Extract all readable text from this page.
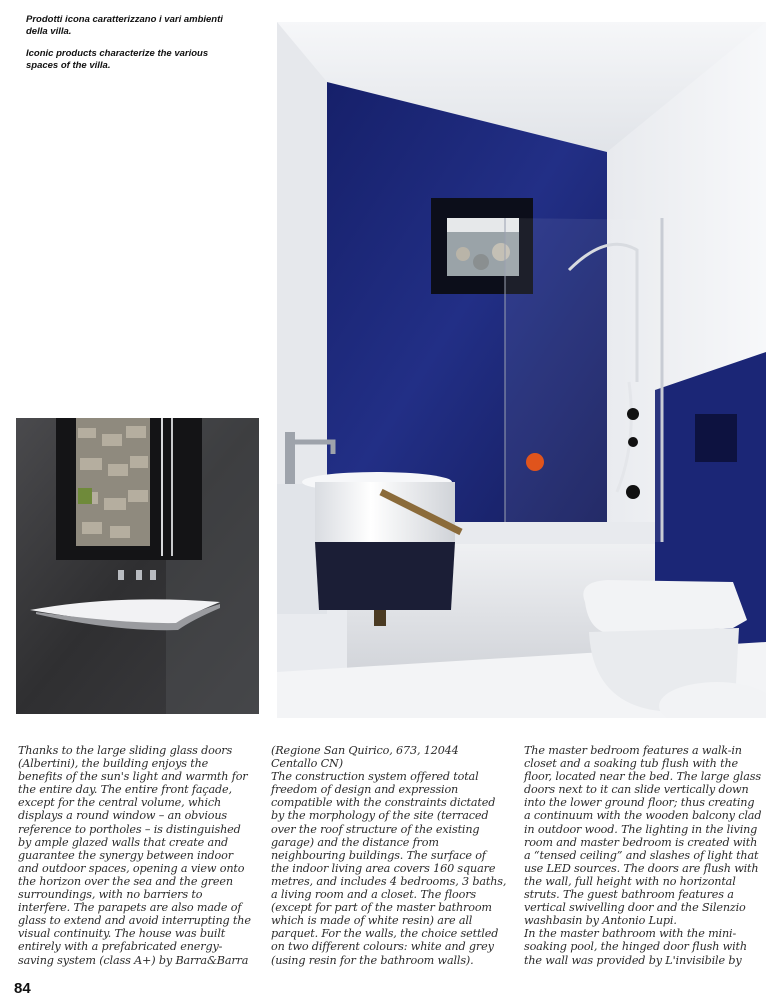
Prodotti icona caratterizzano i vari ambienti della villa.

Iconic products characterize the various spaces of the villa.

Thanks to the large sliding glass doors (Albertini), the building enjoys the benefits of the sun's light and warmth for the entire day. The entire front façade, except for the central volume, which displays a round window – an obvious reference to portholes – is distinguished by ample glazed walls that create and guarantee the synergy between indoor and outdoor spaces, opening a view onto the horizon over the sea and the green surroundings, with no barriers to interfere. The parapets are also made of glass to extend and avoid interrupting the visual continuity. The house was built entirely with a prefabricated energy-saving system (class A+) by Barra&Barra

(Regione San Quirico, 673, 12044 Centallo CN)

The construction system offered total freedom of design and expression compatible with the constraints dictated by the morphology of the site (terraced over the roof structure of the existing garage) and the distance from neighbouring buildings. The surface of the indoor living area covers 160 square metres, and includes 4 bedrooms, 3 baths, a living room and a closet. The floors (except for part of the master bathroom which is made of white resin) are all parquet. For the walls, the choice settled on two different colours: white and grey (using resin for the bathroom walls).

The master bedroom features a walk-in closet and a soaking tub flush with the floor, located near the bed. The large glass doors next to it can slide vertically down into the lower ground floor; thus creating a continuum with the wooden balcony clad in outdoor wood. The lighting in the living room and master bedroom is created with a “tensed ceiling” and slashes of light that use LED sources. The doors are flush with the wall, full height with no horizontal struts. The guest bathroom features a vertical swivelling door and the Silenzio washbasin by Antonio Lupi.

In the master bathroom with the mini-soaking pool, the hinged door flush with the wall was provided by L'invisibile by

84
